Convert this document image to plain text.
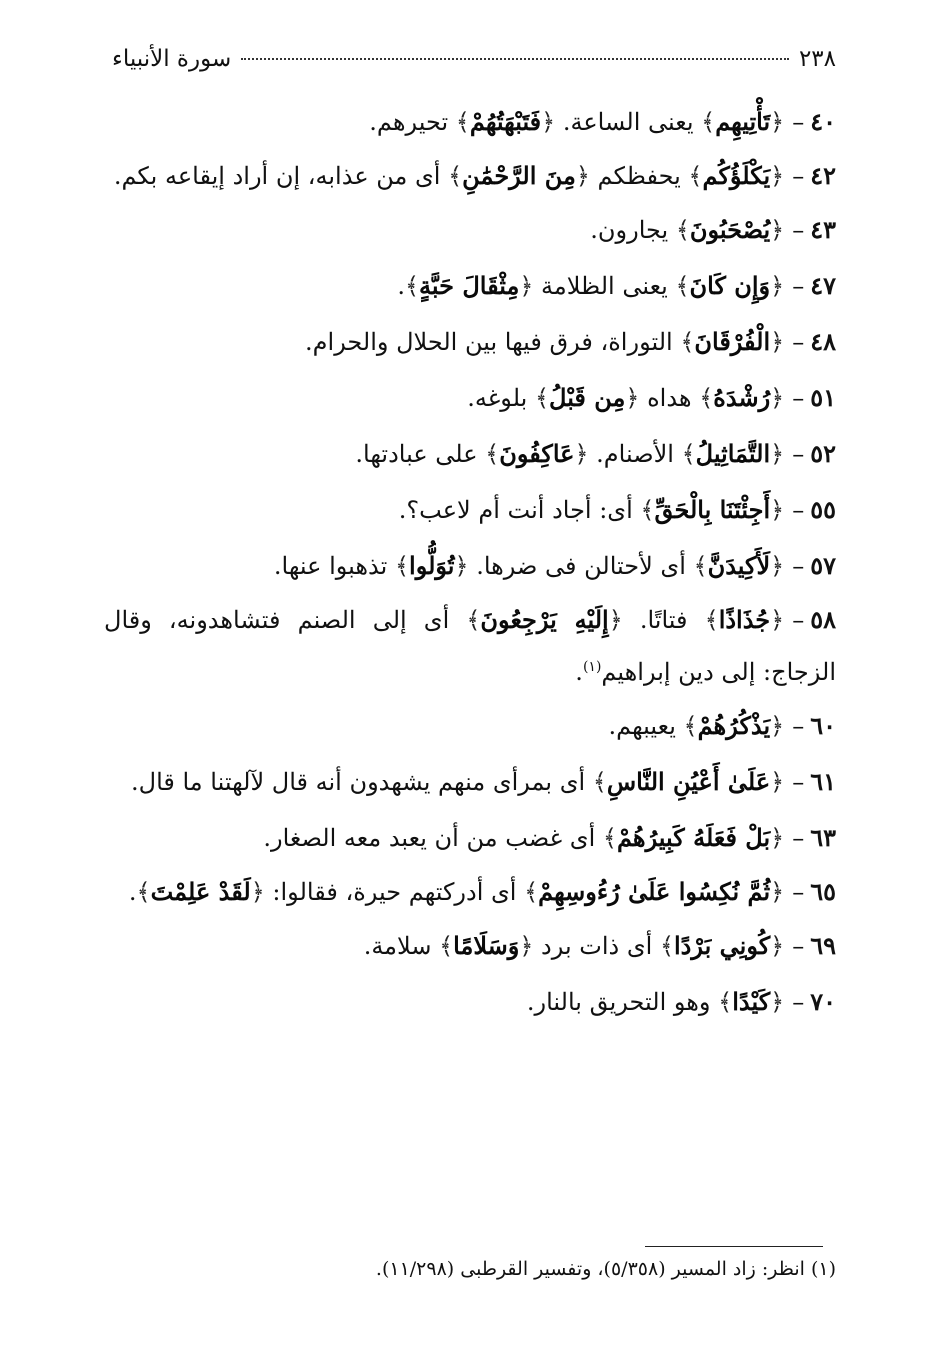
٢٣٨
سورة الأنبياء
٤٠–﴿تَأْتِيهِم﴾ يعنى الساعة. ﴿فَتَبْهَتُهُمْ﴾ تحيرهم.
٤٢–﴿يَكْلَؤُكُم﴾ يحفظكم ﴿مِنَ الرَّحْمَٰنِ﴾ أى من عذابه، إن أراد إيقاعه بكم.
٤٣–﴿يُصْحَبُونَ﴾ يجارون.
٤٧–﴿وَإِن كَانَ﴾ يعنى الظلامة ﴿مِثْقَالَ حَبَّةٍ﴾.
٤٨–﴿الْفُرْقَانَ﴾ التوراة، فرق فيها بين الحلال والحرام.
٥١–﴿رُشْدَهُ﴾ هداه ﴿مِن قَبْلُ﴾ بلوغه.
٥٢–﴿التَّمَاثِيلُ﴾ الأصنام. ﴿عَاكِفُونَ﴾ على عبادتها.
٥٥–﴿أَجِئْتَنَا بِالْحَقِّ﴾ أى: أجاد أنت أم لاعب؟.
٥٧–﴿لَأَكِيدَنَّ﴾ أى لأحتالن فى ضرها. ﴿تُوَلُّوا﴾ تذهبوا عنها.
٥٨–﴿جُذَاذًا﴾ فتاتًا. ﴿إِلَيْهِ يَرْجِعُونَ﴾ أى إلى الصنم فتشاهدونه، وقال الزجاج: إلى دين إبراهيم$^{(١)}$.
٦٠–﴿يَذْكُرُهُمْ﴾ يعيبهم.
٦١–﴿عَلَىٰ أَعْيُنِ النَّاسِ﴾ أى بمرأى منهم يشهدون أنه قال لآلهتنا ما قال.
٦٣–﴿بَلْ فَعَلَهُ كَبِيرُهُمْ﴾ أى غضب من أن يعبد معه الصغار.
٦٥–﴿ثُمَّ نُكِسُوا عَلَىٰ رُءُوسِهِمْ﴾ أى أدركتهم حيرة، فقالوا: ﴿لَقَدْ عَلِمْتَ﴾.
٦٩–﴿كُونِي بَرْدًا﴾ أى ذات برد ﴿وَسَلَامًا﴾ سلامة.
٧٠–﴿كَيْدًا﴾ وهو التحريق بالنار.
(١) انظر: زاد المسير (٥/٣٥٨)، وتفسير القرطبى (١١/٢٩٨).
